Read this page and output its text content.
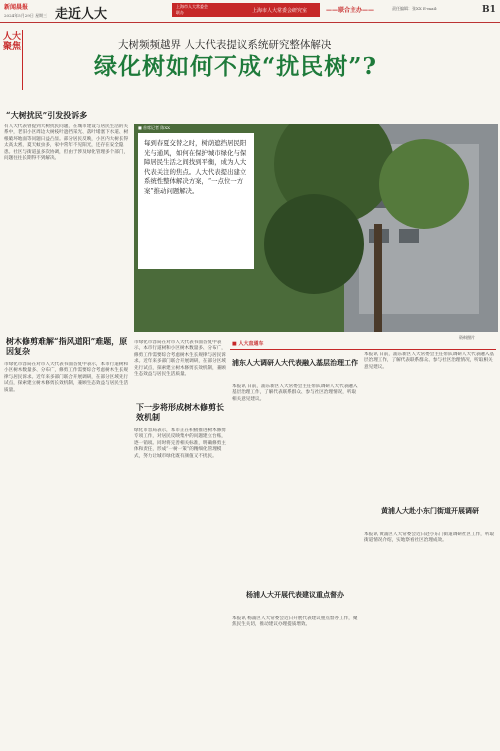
新闻晨报
2024年5月29日 星期三 走近人大
上海市人大常委会
联办	上海市人大常委会研究室	——联合主办——	责任编辑：张XX E-mail:	B1
人大聚焦	大树频频越界 人大代表提议系统研究整体解决
绿化树如何不成“扰民树”?
“大树扰民”引发投诉多
有人大代表曾提到大树扰民问题，在城市建设与居民生活的关系中，老旧小区周边大树枝叶遮挡采光、落叶堵塞下水道、树根破坏地面等问题日益凸显。部分居民反映，小区内大树长得太高太密，夏天蚊虫多，家中常年不见阳光，还存在安全隐患。社区与街道虽多次协调，但由于涉及绿化管理多个部门，问题往往长期得不到解决。
■ 首席记者 陈XX
每到春夏交替之时，树荫遮挡居民阳光与通风，如何在保护城市绿化与保障居民生活之间找到平衡，成为人大代表关注的焦点。人大代表提出建立系统性整体解决方案，“一点位一方案”推动问题解决。
资料照片
树木修剪难解“指风道阳”难题，原因复杂
市绿化市容局在对市人大代表书面答复中表示，本市行道树和小区树木数量多、分布广，修剪工作需要综合考虑树木生长规律与居民诉求。近年来多部门联合开展调研，在部分区域先行试点，探索建立树木修剪长效机制，兼顾生态效益与居民生活质量。
市绿化市容局在对市人大代表书面答复中表示，本市行道树和小区树木数量多、分布广，修剪工作需要综合考虑树木生长规律与居民诉求。近年来多部门联合开展调研，在部分区域先行试点，探索建立树木修剪长效机制，兼顾生态效益与居民生活质量。
下一步将形成树木修剪长效机制
绿化市容局表示，本市正在积极推进树木修剪专项工作，对居民反映集中的问题建立台账，逐一销项。同时将完善相关标准，明确修剪主体和责任，形成“一树一策”的精细化管理模式，努力让城市绿化既有颜值又不扰民。
■ 人大直通车
浦东人大调研人大代表融入基层治理工作
本报讯 日前，浦东新区人大常委会主任带队调研人大代表融入基层治理工作，了解代表联系群众、参与社区治理情况，听取相关意见建议。
杨浦人大开展代表建议重点督办
本报讯 杨浦区人大常委会近日开展代表建议重点督办工作，聚焦民生关切，推动建议办理提质增效。
本报讯 日前，浦东新区人大常委会主任带队调研人大代表融入基层治理工作，了解代表联系群众、参与社区治理情况，听取相关意见建议。
黄浦人大赴小东门街道开展调研
本报讯 黄浦区人大常委会近日赴小东门街道调研社区工作，听取街道情况介绍，实地察看社区治理成效。
